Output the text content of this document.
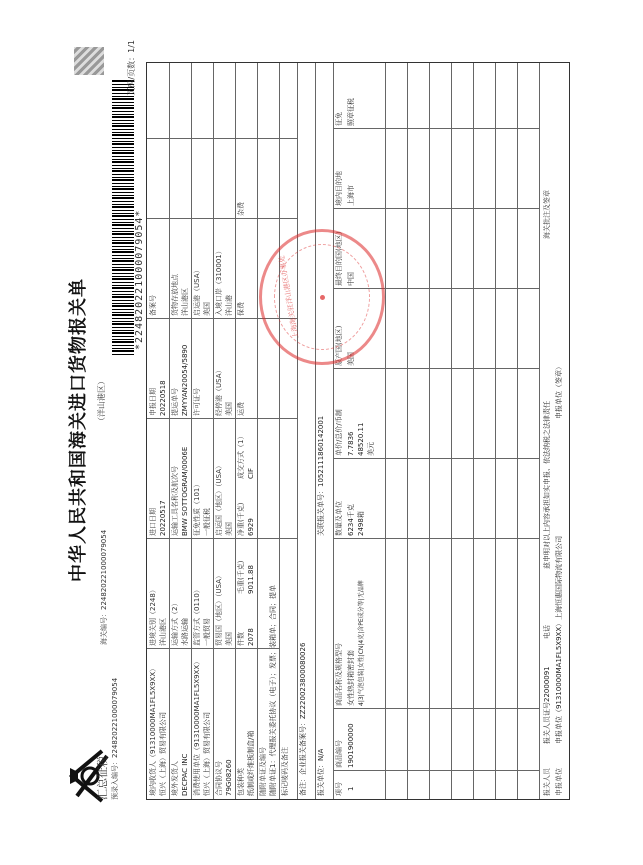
中华人民共和国海关进口货物报关单
汇总征税 预录入编号：224820221000079054
海关编号：224820221000079054
（洋山港区）
*224820221000079054*
页码/页数：1/1
境内收货人（91310000MA1FL5X9XX） 恒兴（上海）贸易有限公司
进境关别（2248） 洋山港区
进口日期 20220517
申报日期 20220518
备案号
境外发货人 DECPAC INC
运输方式（2） 水路运输
运输工具名称及航次号 BMW SOTTOGRAM/0006E
提运单号 ZMYYAN20054/5890
货物存放地点 洋山港区
消费使用单位（91310000MA1FL5X9XX） 恒兴（上海）贸易有限公司
监管方式（0110） 一般贸易
征免性质（101） 一般征税
许可证号
启运港（USA） 美国
合同协议号 79G08260
贸易国（地区）（USA） 美国
启运国（地区）（USA） 美国
经停港（USA） 美国
入境口岸（310001） 洋山港
包装种类 纸制或纤维板制盒/箱
件数 2078
毛重(千克) 9011.88
净重(千克) 6929
成交方式（1） CIF
运费
保费
杂费
随附单证及编号 随附单证1：代理报关委托协议（电子）；发票；装箱单；合同；提单 标记唛码及备注 备注：企业报关备案号：ZZ220023800080026 报关单位：N/A
关联报关单号：1052111860142001
项号
商品编号
商品名称及规格型号
数量及单位
单价/总价/币制
原产国(地区)
最终目的国(地区)
境内目的地
征免
1
1901900000
女性热封箱密封套 4|3|气泡包装|女性|CN|4克|含PE成分等|无品牌
6234千克 2498箱
7.7836 48520.11 美元
美国
中国
上海市
照章征税
报关人员
报关人员证号22000091
电话
兹申明对以上内容承担如实申报、依法纳税之法律责任
海关批注及签章
申报单位
申报单位（91310000MA1FL5X9XX）上海恒惠国际物流有限公司
申报单位（签章）
上海海关驻洋山港区办事处
